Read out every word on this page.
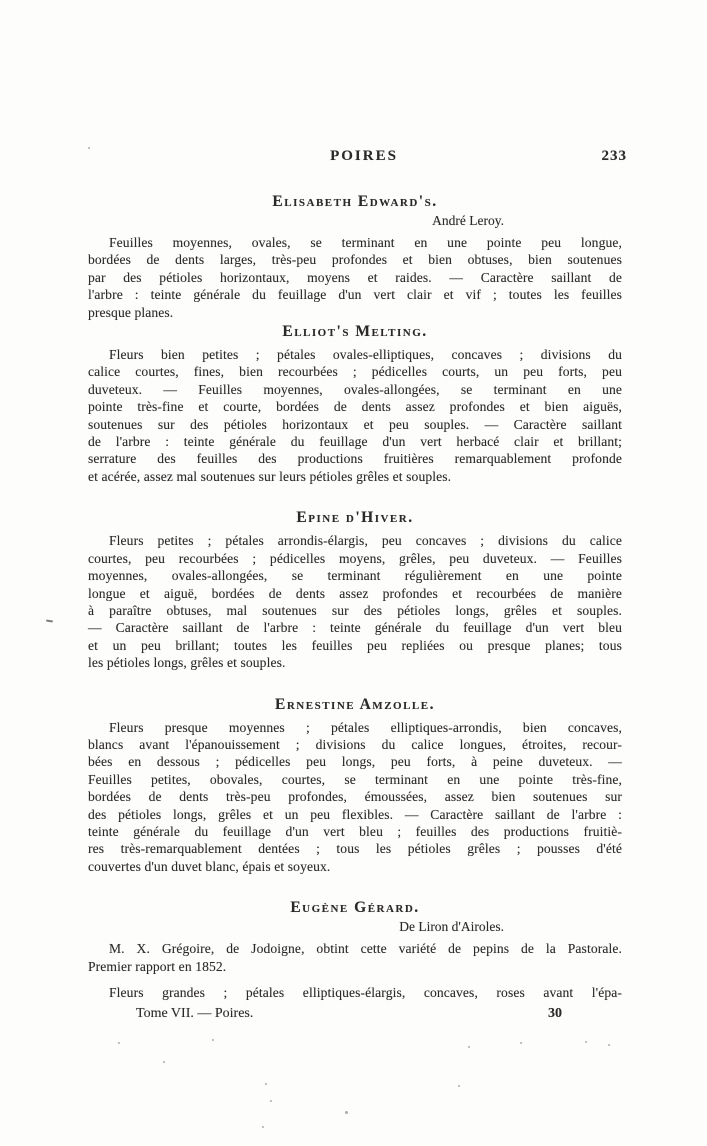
POIRES	233
Elisabeth Edward's.
André Leroy.
Feuilles moyennes, ovales, se terminant en une pointe peu longue,
bordées de dents larges, très-peu profondes et bien obtuses, bien soutenues
par des pétioles horizontaux, moyens et raides. — Caractère saillant de
l'arbre : teinte générale du feuillage d'un vert clair et vif ; toutes les feuilles
presque planes.
Elliot's Melting.
Fleurs bien petites ; pétales ovales-elliptiques, concaves ; divisions du
calice courtes, fines, bien recourbées ; pédicelles courts, un peu forts, peu
duveteux. — Feuilles moyennes, ovales-allongées, se terminant en une
pointe très-fine et courte, bordées de dents assez profondes et bien aiguës,
soutenues sur des pétioles horizontaux et peu souples. — Caractère saillant
de l'arbre : teinte générale du feuillage d'un vert herbacé clair et brillant;
serrature des feuilles des productions fruitières remarquablement profonde
et acérée, assez mal soutenues sur leurs pétioles grêles et souples.
Epine d'Hiver.
Fleurs petites ; pétales arrondis-élargis, peu concaves ; divisions du calice
courtes, peu recourbées ; pédicelles moyens, grêles, peu duveteux. — Feuilles
moyennes, ovales-allongées, se terminant régulièrement en une pointe
longue et aiguë, bordées de dents assez profondes et recourbées de manière
à paraître obtuses, mal soutenues sur des pétioles longs, grêles et souples.
— Caractère saillant de l'arbre : teinte générale du feuillage d'un vert bleu
et un peu brillant; toutes les feuilles peu repliées ou presque planes; tous
les pétioles longs, grêles et souples.
Ernestine Amzolle.
Fleurs presque moyennes ; pétales elliptiques-arrondis, bien concaves,
blancs avant l'épanouissement ; divisions du calice longues, étroites, recour-
bées en dessous ; pédicelles peu longs, peu forts, à peine duveteux. —
Feuilles petites, obovales, courtes, se terminant en une pointe très-fine,
bordées de dents très-peu profondes, émoussées, assez bien soutenues sur
des pétioles longs, grêles et un peu flexibles. — Caractère saillant de l'arbre :
teinte générale du feuillage d'un vert bleu ; feuilles des productions fruitiè-
res très-remarquablement dentées ; tous les pétioles grêles ; pousses d'été
couvertes d'un duvet blanc, épais et soyeux.
Eugène Gérard.
De Liron d'Airoles.
M. X. Grégoire, de Jodoigne, obtint cette variété de pepins de la Pastorale.
Premier rapport en 1852.
Fleurs grandes ; pétales elliptiques-élargis, concaves, roses avant l'épa-
Tome VII. — Poires.	30
